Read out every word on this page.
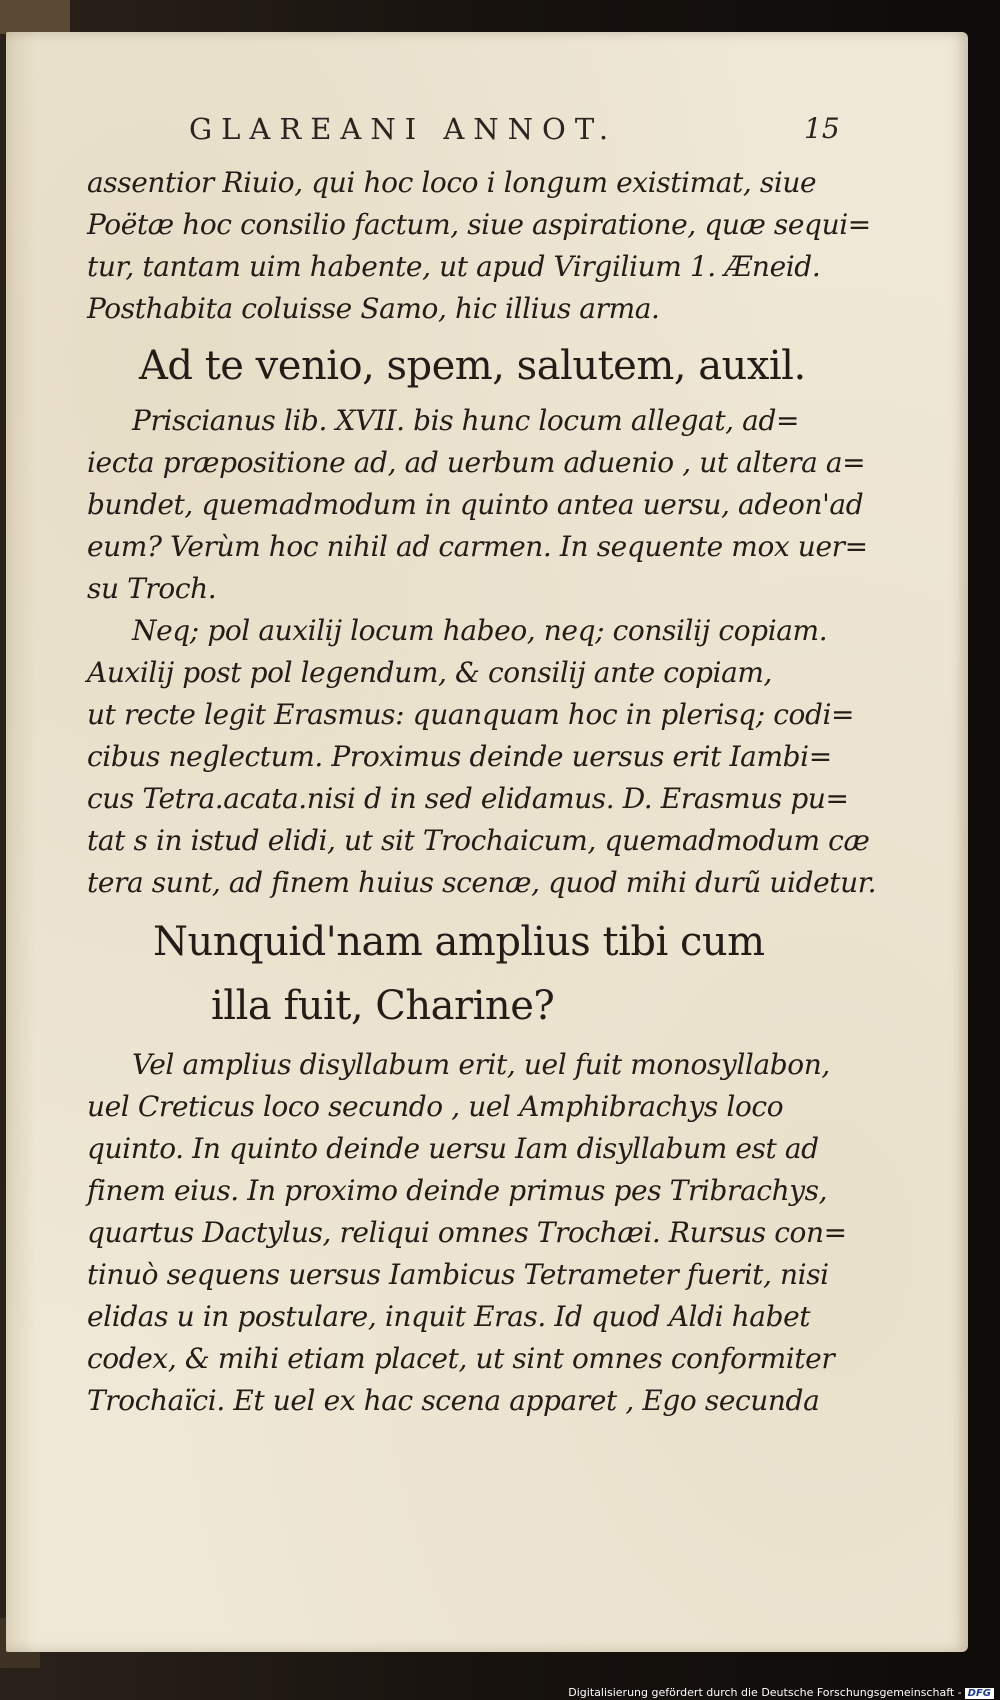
GLAREANI ANNOT.	15
assentior Riuio, qui hoc loco i longum existimat, siue
Poëtæ hoc consilio factum, siue aspiratione, quæ sequi=
tur, tantam uim habente, ut apud Virgilium 1. Æneid.
Posthabita coluisse Samo, hic illius arma.
Ad te venio, spem, salutem, auxil.
Priscianus lib. XVII. bis hunc locum allegat, ad=
iecta præpositione ad, ad uerbum aduenio , ut altera a=
bundet, quemadmodum in quinto antea uersu, adeon'ad
eum? Verùm hoc nihil ad carmen. In sequente mox uer=
su Troch.
Neq; pol auxilij locum habeo, neq; consilij copiam.
Auxilij post pol legendum, & consilij ante copiam,
ut recte legit Erasmus: quanquam hoc in plerisq; codi=
cibus neglectum. Proximus deinde uersus erit Iambi=
cus Tetra.acata.nisi d in sed elidamus. D. Erasmus pu=
tat s in istud elidi, ut sit Trochaicum, quemadmodum cæ
tera sunt, ad finem huius scenæ, quod mihi durũ uidetur.
Nunquid'nam amplius tibi cum
illa fuit, Charine?
Vel amplius disyllabum erit, uel fuit monosyllabon,
uel Creticus loco secundo , uel Amphibrachys loco
quinto. In quinto deinde uersu Iam disyllabum est ad
finem eius. In proximo deinde primus pes Tribrachys,
quartus Dactylus, reliqui omnes Trochæi. Rursus con=
tinuò sequens uersus Iambicus Tetrameter fuerit, nisi
elidas u in postulare, inquit Eras. Id quod Aldi habet
codex, & mihi etiam placet, ut sint omnes conformiter
Trochaïci. Et uel ex hac scena apparet , Ego secunda
Digitalisierung gefördert durch die Deutsche Forschungsgemeinschaft - DFG
